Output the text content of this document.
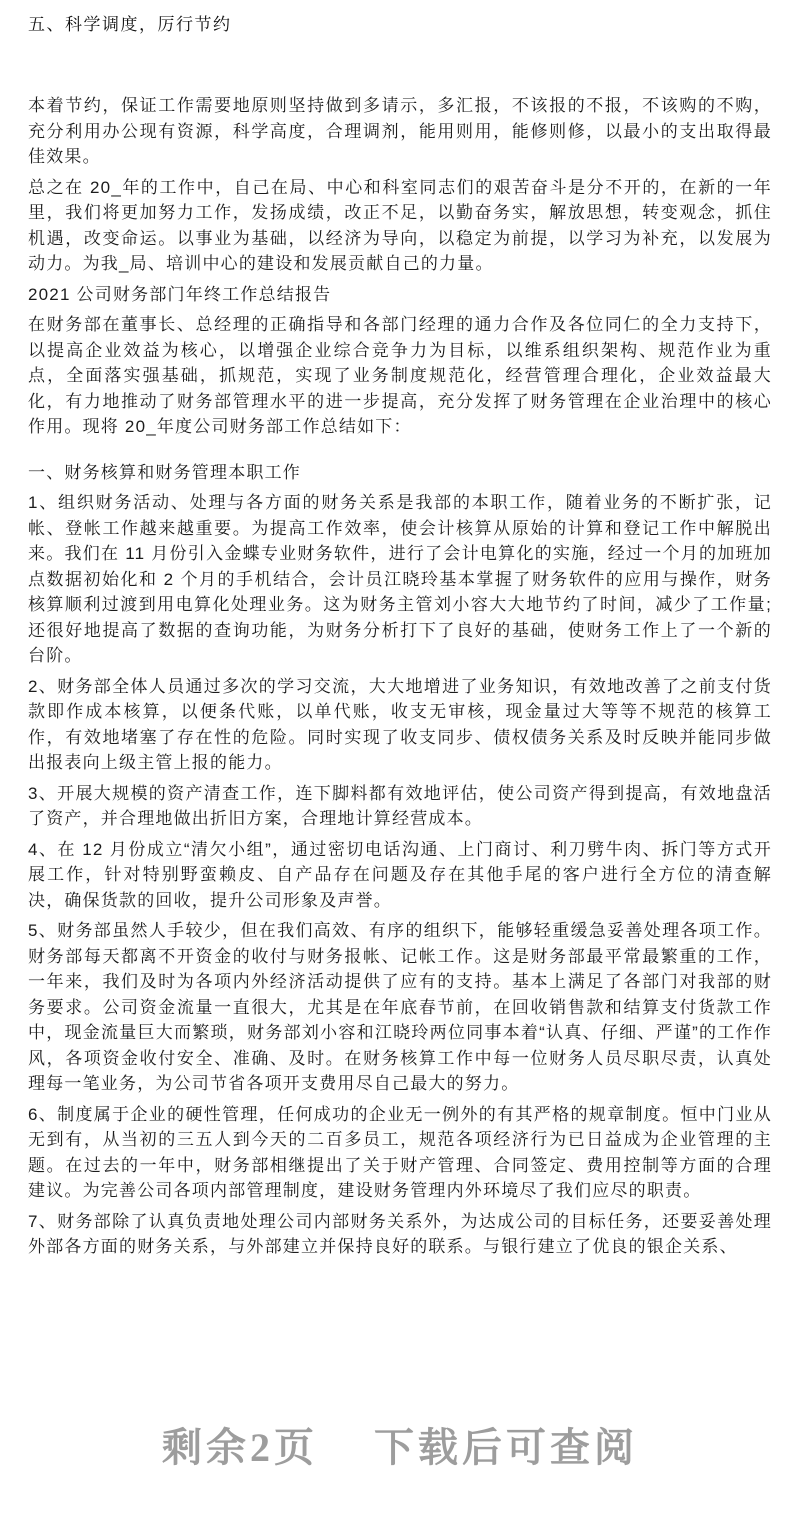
五、科学调度，厉行节约

本着节约，保证工作需要地原则坚持做到多请示，多汇报，不该报的不报，不该购的不购，充分利用办公现有资源，科学高度，合理调剂，能用则用，能修则修，以最小的支出取得最佳效果。

总之在 20_年的工作中，自己在局、中心和科室同志们的艰苦奋斗是分不开的，在新的一年里，我们将更加努力工作，发扬成绩，改正不足，以勤奋务实，解放思想，转变观念，抓住机遇，改变命运。以事业为基础，以经济为导向，以稳定为前提，以学习为补充，以发展为动力。为我_局、培训中心的建设和发展贡献自己的力量。

2021 公司财务部门年终工作总结报告

在财务部在董事长、总经理的正确指导和各部门经理的通力合作及各位同仁的全力支持下，以提高企业效益为核心，以增强企业综合竞争力为目标，以维系组织架构、规范作业为重点，全面落实强基础，抓规范，实现了业务制度规范化，经营管理合理化，企业效益最大化，有力地推动了财务部管理水平的进一步提高，充分发挥了财务管理在企业治理中的核心作用。现将 20_年度公司财务部工作总结如下：

一、财务核算和财务管理本职工作

1、组织财务活动、处理与各方面的财务关系是我部的本职工作，随着业务的不断扩张，记帐、登帐工作越来越重要。为提高工作效率，使会计核算从原始的计算和登记工作中解脱出来。我们在 11 月份引入金蝶专业财务软件，进行了会计电算化的实施，经过一个月的加班加点数据初始化和 2 个月的手机结合，会计员江晓玲基本掌握了财务软件的应用与操作，财务核算顺利过渡到用电算化处理业务。这为财务主管刘小容大大地节约了时间，减少了工作量;还很好地提高了数据的查询功能，为财务分析打下了良好的基础，使财务工作上了一个新的台阶。

2、财务部全体人员通过多次的学习交流，大大地增进了业务知识，有效地改善了之前支付货款即作成本核算，以便条代账，以单代账，收支无审核，现金量过大等等不规范的核算工作，有效地堵塞了存在性的危险。同时实现了收支同步、债权债务关系及时反映并能同步做出报表向上级主管上报的能力。

3、开展大规模的资产清查工作，连下脚料都有效地评估，使公司资产得到提高，有效地盘活了资产，并合理地做出折旧方案，合理地计算经营成本。

4、在 12 月份成立“清欠小组”，通过密切电话沟通、上门商讨、利刀劈牛肉、拆门等方式开展工作，针对特别野蛮赖皮、自产品存在问题及存在其他手尾的客户进行全方位的清查解决，确保货款的回收，提升公司形象及声誉。

5、财务部虽然人手较少，但在我们高效、有序的组织下，能够轻重缓急妥善处理各项工作。财务部每天都离不开资金的收付与财务报帐、记帐工作。这是财务部最平常最繁重的工作，一年来，我们及时为各项内外经济活动提供了应有的支持。基本上满足了各部门对我部的财务要求。公司资金流量一直很大，尤其是在年底春节前，在回收销售款和结算支付货款工作中，现金流量巨大而繁琐，财务部刘小容和江晓玲两位同事本着“认真、仔细、严谨”的工作作风，各项资金收付安全、准确、及时。在财务核算工作中每一位财务人员尽职尽责，认真处理每一笔业务，为公司节省各项开支费用尽自己最大的努力。

6、制度属于企业的硬性管理，任何成功的企业无一例外的有其严格的规章制度。恒中门业从无到有，从当初的三五人到今天的二百多员工，规范各项经济行为已日益成为企业管理的主题。在过去的一年中，财务部相继提出了关于财产管理、合同签定、费用控制等方面的合理建议。为完善公司各项内部管理制度，建设财务管理内外环境尽了我们应尽的职责。

7、财务部除了认真负责地处理公司内部财务关系外，为达成公司的目标任务，还要妥善处理外部各方面的财务关系，与外部建立并保持良好的联系。与银行建立了优良的银企关系、

剩余2页 下载后可查阅
